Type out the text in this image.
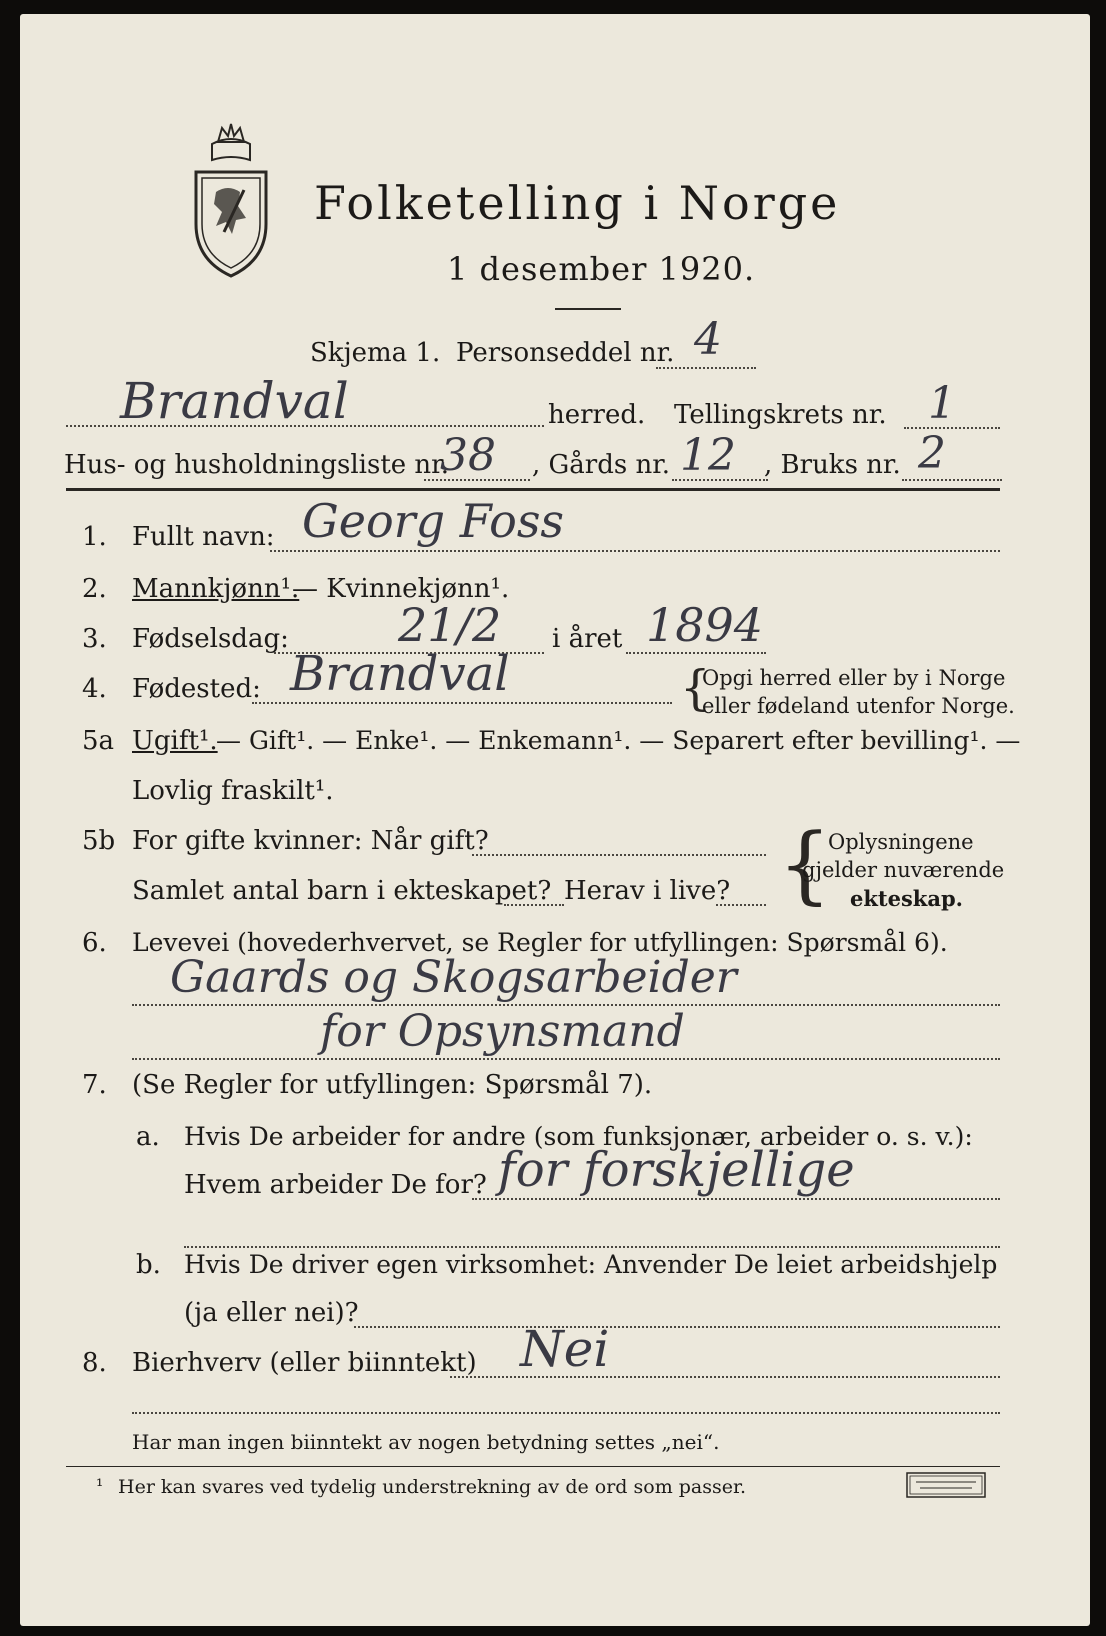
Folketelling i Norge
1 desember 1920.
Skjema 1. Personseddel nr. 4
Brandval	herred. Tellingskrets nr. 1
Hus- og husholdningsliste nr.
38 , Gårds nr. 12 , Bruks nr. 2
1. Fullt navn: Georg Foss
2. Mannkjønn¹.
— Kvinnekjønn¹.
3. Fødselsdag: 21/2 i året 1894
4. Fødested: Brandval	{
Opgi herred eller by i Norge
eller fødeland utenfor Norge.
5a Ugift¹.
— Gift¹. — Enke¹. — Enkemann¹. — Separert efter bevilling¹. —
Lovlig fraskilt¹.
5b For gifte kvinner: Når gift?
Samlet antal barn i ekteskapet? Herav i live? {
Oplysningene
gjelder nuværende
ekteskap.
6. Levevei (hovederhvervet, se Regler for utfyllingen: Spørsmål 6).
Gaards og Skogsarbeider
for Opsynsmand
7. (Se Regler for utfyllingen: Spørsmål 7).
a. Hvis De arbeider for andre (som funksjonær, arbeider o. s. v.):
Hvem arbeider De for? for forskjellige
b. Hvis De driver egen virksomhet: Anvender De leiet arbeidshjelp
(ja eller nei)?
8. Bierhverv (eller biinntekt) Nei
Har man ingen biinntekt av nogen betydning settes „nei“.
¹ Her kan svares ved tydelig understrekning av de ord som passer.
